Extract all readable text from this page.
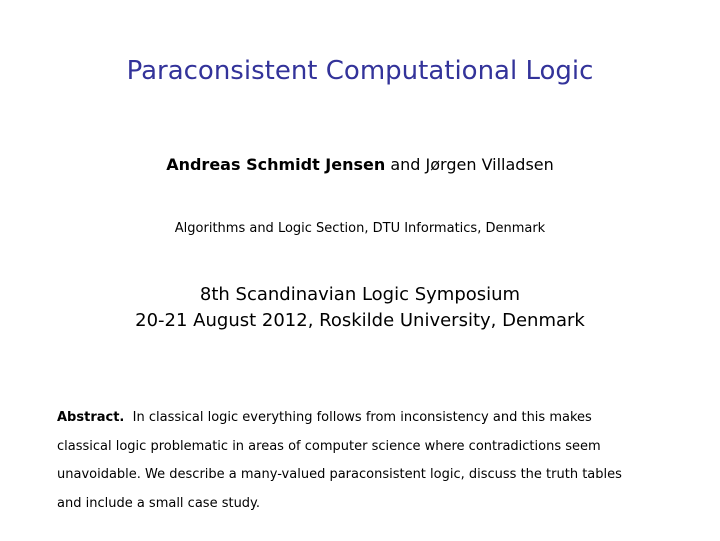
Paraconsistent Computational Logic
Andreas Schmidt Jensen and Jørgen Villadsen
Algorithms and Logic Section, DTU Informatics, Denmark
8th Scandinavian Logic Symposium
20-21 August 2012, Roskilde University, Denmark
Abstract. In classical logic everything follows from inconsistency and this makes
classical logic problematic in areas of computer science where contradictions seem
unavoidable. We describe a many-valued paraconsistent logic, discuss the truth tables
and include a small case study.
